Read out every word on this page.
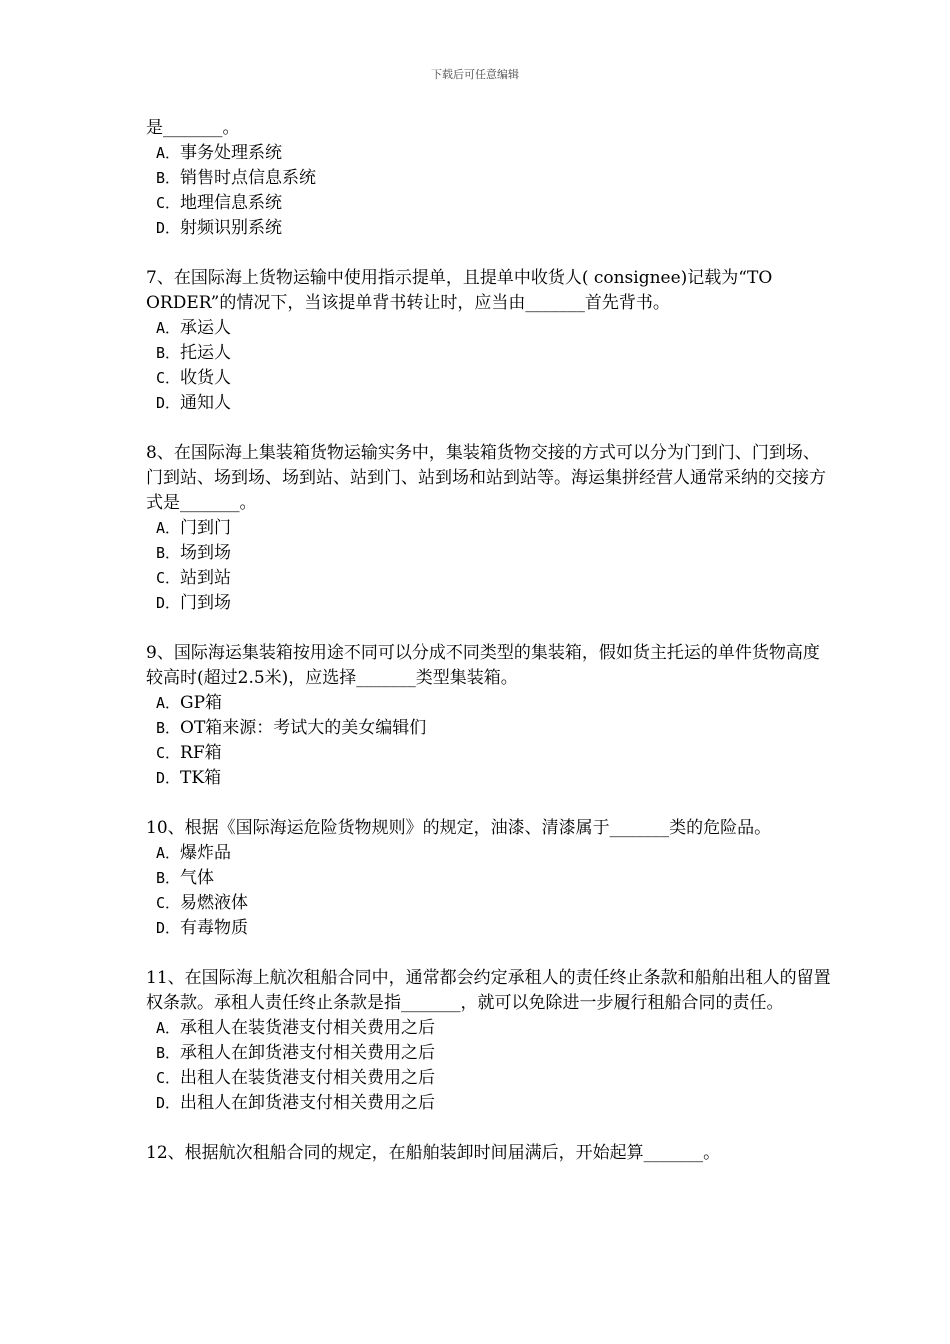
下载后可任意编辑

是_______。

A．事务处理系统

B．销售时点信息系统

C．地理信息系统

D．射频识别系统

7、在国际海上货物运输中使用指示提单，且提单中收货人( consignee)记载为“TO ORDER”的情况下，当该提单背书转让时，应当由_______首先背书。

A．承运人

B．托运人

C．收货人

D．通知人

8、在国际海上集装箱货物运输实务中，集装箱货物交接的方式可以分为门到门、门到场、门到站、场到场、场到站、站到门、站到场和站到站等。海运集拼经营人通常采纳的交接方式是_______。

A．门到门

B．场到场

C．站到站

D．门到场

9、国际海运集装箱按用途不同可以分成不同类型的集装箱，假如货主托运的单件货物高度较高时(超过2.5米)，应选择_______类型集装箱。

A．GP箱

B．OT箱来源：考试大的美女编辑们

C．RF箱

D．TK箱

10、根据《国际海运危险货物规则》的规定，油漆、清漆属于_______类的危险品。

A．爆炸品

B．气体

C．易燃液体

D．有毒物质

11、在国际海上航次租船合同中，通常都会约定承租人的责任终止条款和船舶出租人的留置权条款。承租人责任终止条款是指_______，就可以免除进一步履行租船合同的责任。

A．承租人在装货港支付相关费用之后

B．承租人在卸货港支付相关费用之后

C．出租人在装货港支付相关费用之后

D．出租人在卸货港支付相关费用之后

12、根据航次租船合同的规定，在船舶装卸时间届满后，开始起算_______。
